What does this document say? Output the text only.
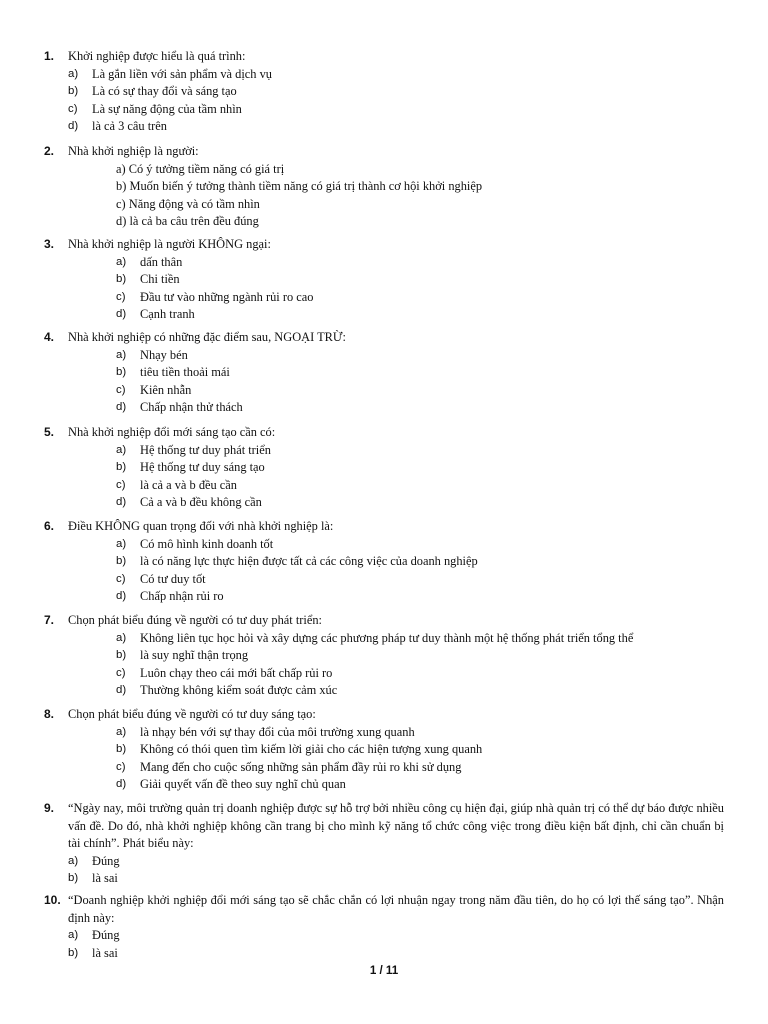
1. Khởi nghiệp được hiểu là quá trình:
a) Là gắn liền với sản phẩm và dịch vụ
b) Là có sự thay đổi và sáng tạo
c) Là sự năng động của tầm nhìn
d) là cả 3 câu trên
2. Nhà khởi nghiệp là người:
a) Có ý tưởng tiềm năng có giá trị
b) Muốn biến ý tưởng thành tiềm năng có giá trị thành cơ hội khởi nghiệp
c) Năng động và có tầm nhìn
d) là cả ba câu trên đều đúng
3. Nhà khởi nghiệp là người KHÔNG ngại:
a) dấn thân
b) Chi tiền
c) Đầu tư vào những ngành rủi ro cao
d) Cạnh tranh
4. Nhà khởi nghiệp có những đặc điểm sau, NGOẠI TRỪ:
a) Nhạy bén
b) tiêu tiền thoải mái
c) Kiên nhẫn
d) Chấp nhận thử thách
5. Nhà khởi nghiệp đổi mới sáng tạo cần có:
a) Hệ thống tư duy phát triển
b) Hệ thống tư duy sáng tạo
c) là cả a và b đều cần
d) Cả a và b đều không cần
6. Điều KHÔNG quan trọng đối với nhà khởi nghiệp là:
a) Có mô hình kinh doanh tốt
b) là có năng lực thực hiện được tất cả các công việc của doanh nghiệp
c) Có tư duy tốt
d) Chấp nhận rủi ro
7. Chọn phát biểu đúng về người có tư duy phát triển:
a) Không liên tục học hỏi và xây dựng các phương pháp tư duy thành một hệ thống phát triển tổng thể
b) là suy nghĩ thận trọng
c) Luôn chạy theo cái mới bất chấp rủi ro
d) Thường không kiểm soát được cảm xúc
8. Chọn phát biểu đúng về người có tư duy sáng tạo:
a) là nhạy bén với sự thay đổi của môi trường xung quanh
b) Không có thói quen tìm kiếm lời giải cho các hiện tượng xung quanh
c) Mang đến cho cuộc sống những sản phẩm đầy rủi ro khi sử dụng
d) Giải quyết vấn đề theo suy nghĩ chủ quan
9. “Ngày nay, môi trường quản trị doanh nghiệp được sự hỗ trợ bởi nhiều công cụ hiện đại, giúp nhà quản trị có thể dự báo được nhiều vấn đề. Do đó, nhà khởi nghiệp không cần trang bị cho mình kỹ năng tổ chức công việc trong điều kiện bất định, chỉ cần chuẩn bị tài chính”. Phát biểu này:
a) Đúng
b) là sai
10. “Doanh nghiệp khởi nghiệp đổi mới sáng tạo sẽ chắc chắn có lợi nhuận ngay trong năm đầu tiên, do họ có lợi thế sáng tạo”. Nhận định này:
a) Đúng
b) là sai
1 / 11
